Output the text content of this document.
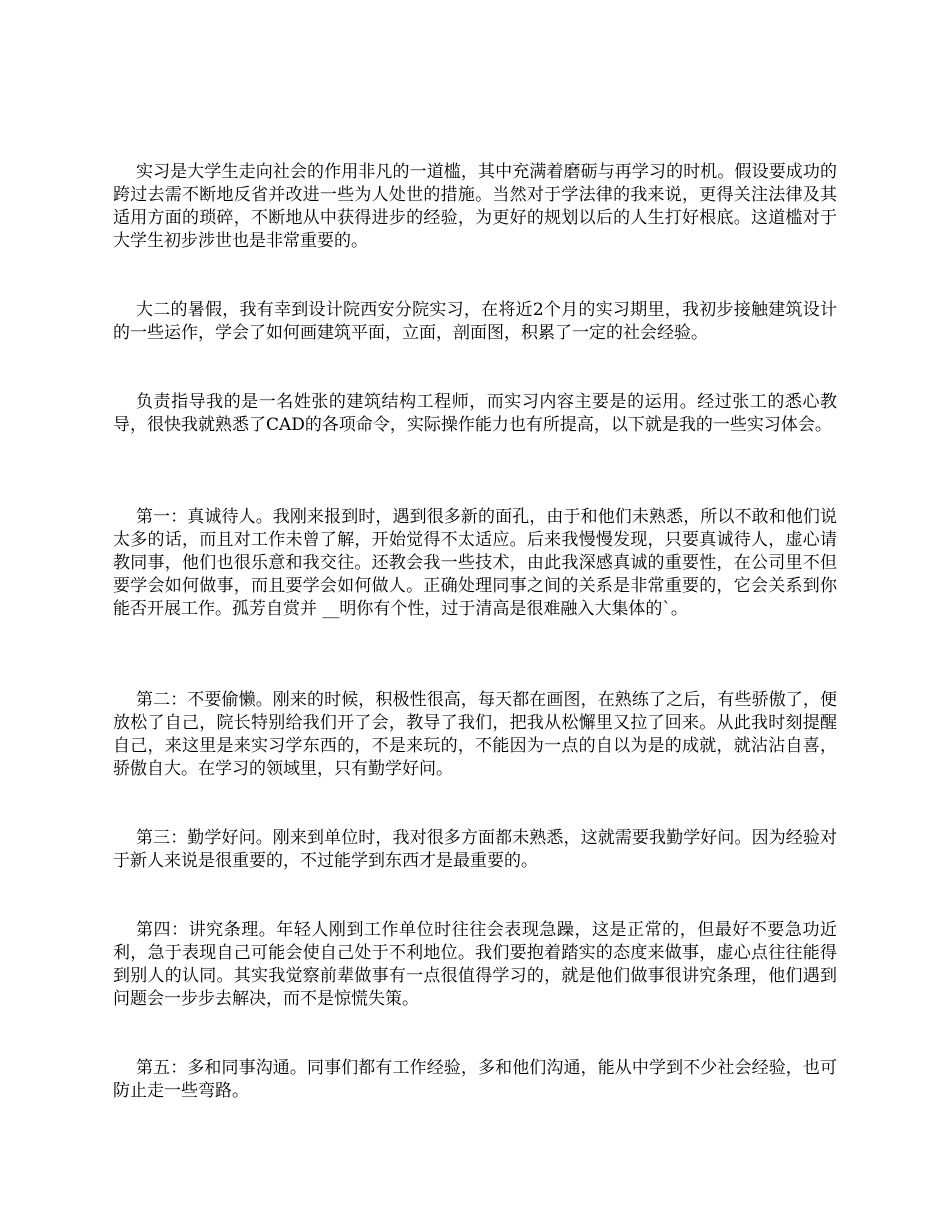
实习是大学生走向社会的作用非凡的一道槛，其中充满着磨砺与再学习的时机。假设要成功的跨过去需不断地反省并改进一些为人处世的措施。当然对于学法律的我来说，更得关注法律及其适用方面的琐碎，不断地从中获得进步的经验，为更好的规划以后的人生打好根底。这道槛对于大学生初步涉世也是非常重要的。

大二的暑假，我有幸到设计院西安分院实习，在将近2个月的实习期里，我初步接触建筑设计的一些运作，学会了如何画建筑平面，立面，剖面图，积累了一定的社会经验。

负责指导我的是一名姓张的建筑结构工程师，而实习内容主要是的运用。经过张工的悉心教导，很快我就熟悉了CAD的各项命令，实际操作能力也有所提高，以下就是我的一些实习体会。

第一：真诚待人。我刚来报到时，遇到很多新的面孔，由于和他们未熟悉，所以不敢和他们说太多的话，而且对工作未曾了解，开始觉得不太适应。后来我慢慢发现，只要真诚待人，虚心请教同事，他们也很乐意和我交往。还教会我一些技术，由此我深感真诚的重要性，在公司里不但要学会如何做事，而且要学会如何做人。正确处理同事之间的关系是非常重要的，它会关系到你能否开展工作。孤芳自赏并 __明你有个性，过于清高是很难融入大集体的`。

第二：不要偷懒。刚来的时候，积极性很高，每天都在画图，在熟练了之后，有些骄傲了，便放松了自己，院长特别给我们开了会，教导了我们，把我从松懈里又拉了回来。从此我时刻提醒自己，来这里是来实习学东西的，不是来玩的，不能因为一点的自以为是的成就，就沾沾自喜，骄傲自大。在学习的领域里，只有勤学好问。

第三：勤学好问。刚来到单位时，我对很多方面都未熟悉，这就需要我勤学好问。因为经验对于新人来说是很重要的，不过能学到东西才是最重要的。

第四：讲究条理。年轻人刚到工作单位时往往会表现急躁，这是正常的，但最好不要急功近利，急于表现自己可能会使自己处于不利地位。我们要抱着踏实的态度来做事，虚心点往往能得到别人的认同。其实我觉察前辈做事有一点很值得学习的，就是他们做事很讲究条理，他们遇到问题会一步步去解决，而不是惊慌失策。

第五：多和同事沟通。同事们都有工作经验，多和他们沟通，能从中学到不少社会经验，也可防止走一些弯路。
